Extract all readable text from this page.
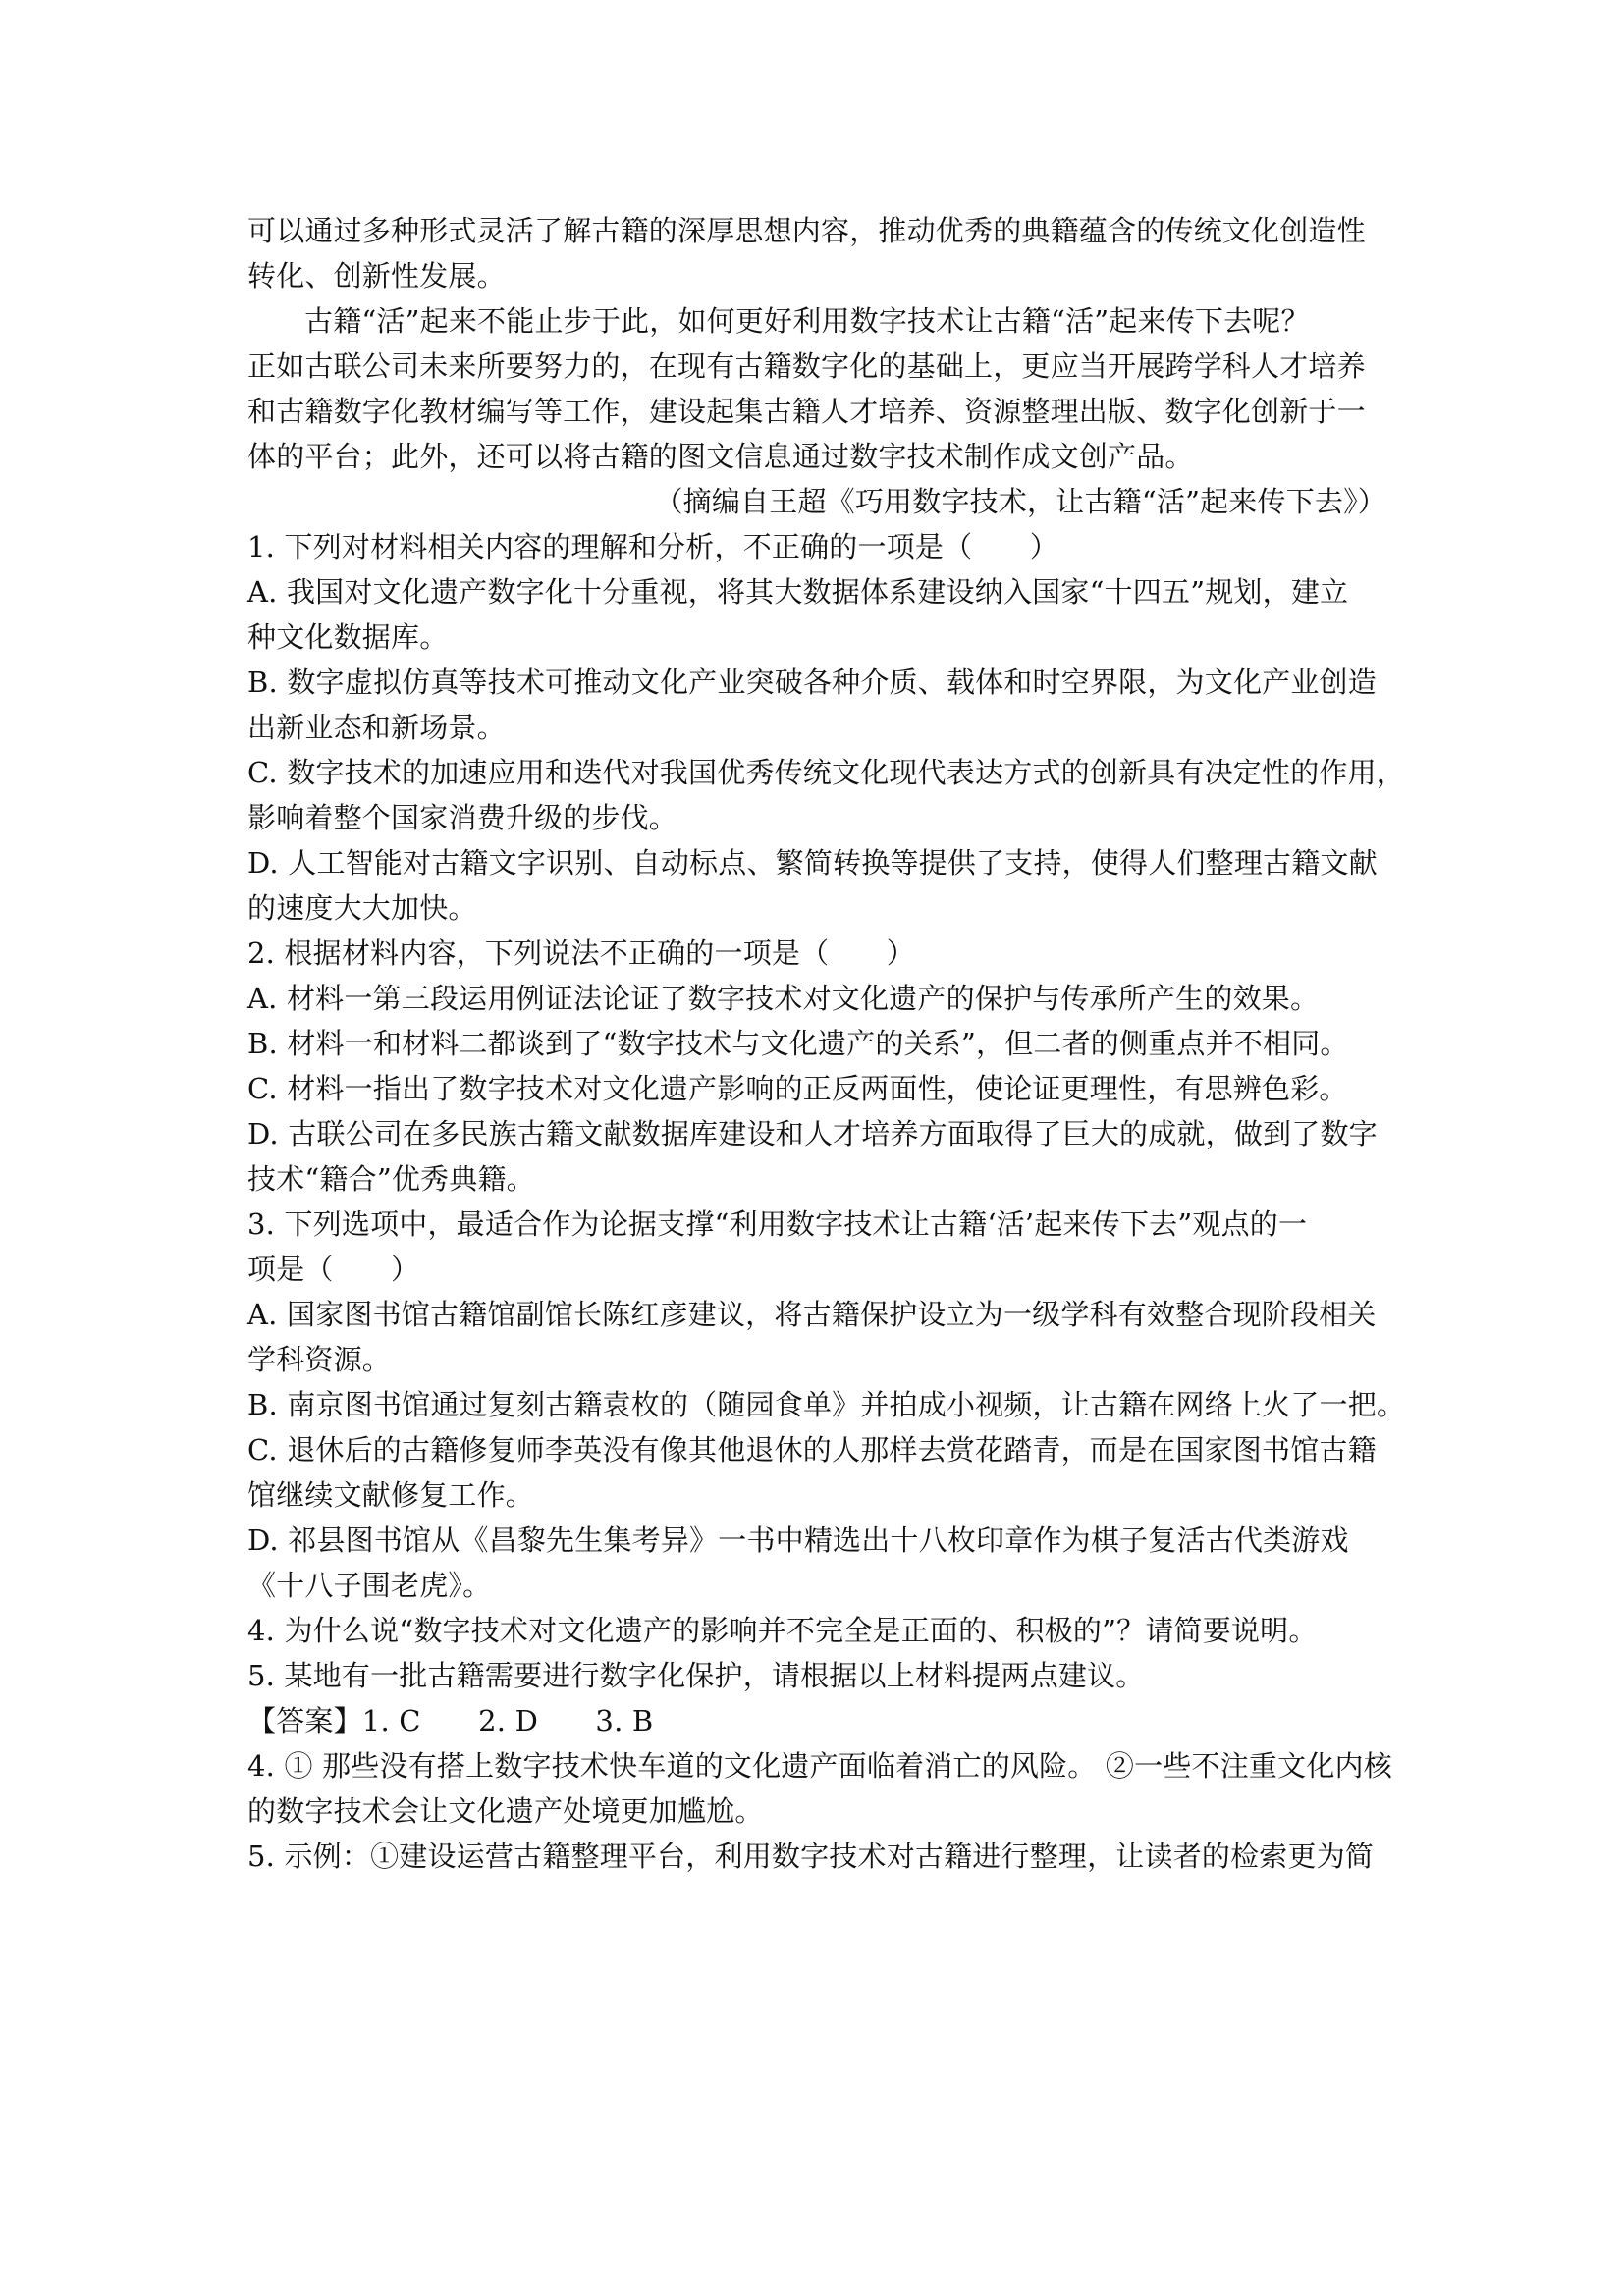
可以通过多种形式灵活了解古籍的深厚思想内容，推动优秀的典籍蕴含的传统文化创造性
转化、创新性发展。
古籍“活”起来不能止步于此，如何更好利用数字技术让古籍“活”起来传下去呢？
正如古联公司未来所要努力的，在现有古籍数字化的基础上，更应当开展跨学科人才培养
和古籍数字化教材编写等工作，建设起集古籍人才培养、资源整理出版、数字化创新于一
体的平台；此外，还可以将古籍的图文信息通过数字技术制作成文创产品。
（摘编自王超《巧用数字技术，让古籍“活”起来传下去》）
1. 下列对材料相关内容的理解和分析，不正确的一项是（　　）
A. 我国对文化遗产数字化十分重视，将其大数据体系建设纳入国家“十四五”规划，建立
种文化数据库。
B. 数字虚拟仿真等技术可推动文化产业突破各种介质、载体和时空界限，为文化产业创造
出新业态和新场景。
C. 数字技术的加速应用和迭代对我国优秀传统文化现代表达方式的创新具有决定性的作用，
影响着整个国家消费升级的步伐。
D. 人工智能对古籍文字识别、自动标点、繁简转换等提供了支持，使得人们整理古籍文献
的速度大大加快。
2. 根据材料内容，下列说法不正确的一项是（　　）
A. 材料一第三段运用例证法论证了数字技术对文化遗产的保护与传承所产生的效果。
B. 材料一和材料二都谈到了“数字技术与文化遗产的关系”，但二者的侧重点并不相同。
C. 材料一指出了数字技术对文化遗产影响的正反两面性，使论证更理性，有思辨色彩。
D. 古联公司在多民族古籍文献数据库建设和人才培养方面取得了巨大的成就，做到了数字
技术“籍合”优秀典籍。
3. 下列选项中，最适合作为论据支撑“利用数字技术让古籍‘活’起来传下去”观点的一
项是（　　）
A. 国家图书馆古籍馆副馆长陈红彦建议，将古籍保护设立为一级学科有效整合现阶段相关
学科资源。
B. 南京图书馆通过复刻古籍袁枚的（随园食单》并拍成小视频，让古籍在网络上火了一把。
C. 退休后的古籍修复师李英没有像其他退休的人那样去赏花踏青，而是在国家图书馆古籍
馆继续文献修复工作。
D. 祁县图书馆从《昌黎先生集考异》一书中精选出十八枚印章作为棋子复活古代类游戏
《十八子围老虎》。
4. 为什么说“数字技术对文化遗产的影响并不完全是正面的、积极的”？请简要说明。
5. 某地有一批古籍需要进行数字化保护，请根据以上材料提两点建议。
【答案】1. C　　2. D　　3. B
4. ① 那些没有搭上数字技术快车道的文化遗产面临着消亡的风险。 ②一些不注重文化内核
的数字技术会让文化遗产处境更加尴尬。
5. 示例：①建设运营古籍整理平台，利用数字技术对古籍进行整理，让读者的检索更为简
